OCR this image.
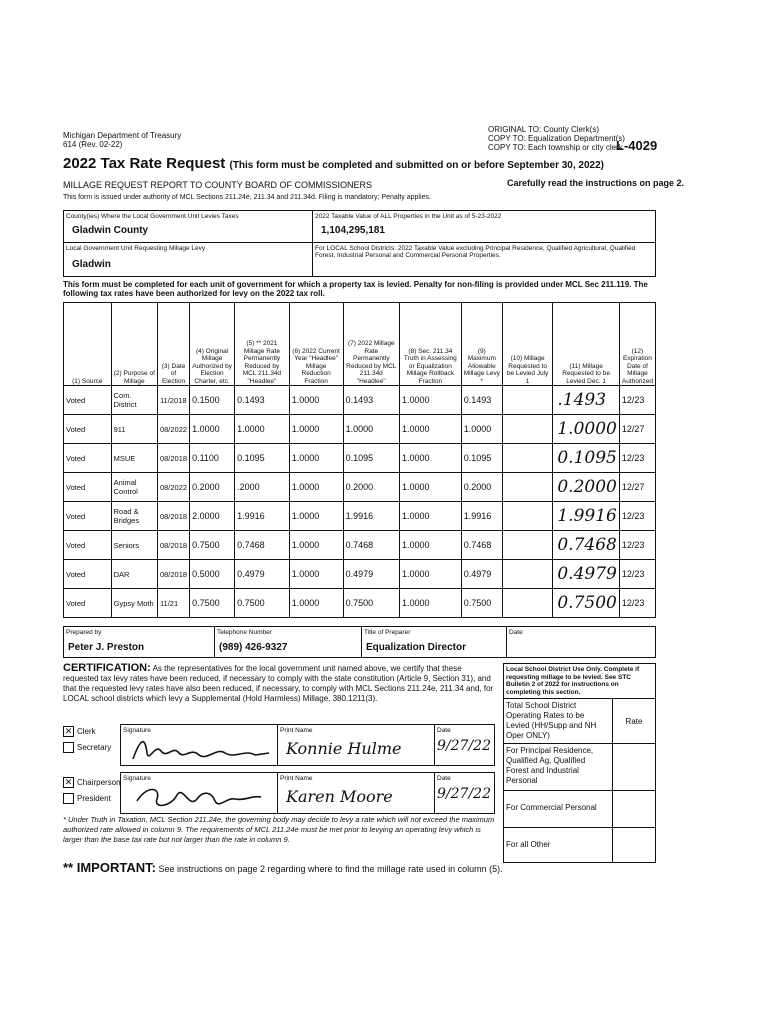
Michigan Department of Treasury
614 (Rev. 02-22)
ORIGINAL TO: County Clerk(s)
COPY TO: Equalization Department(s)
COPY TO: Each township or city clerk
L-4029
2022 Tax Rate Request (This form must be completed and submitted on or before September 30, 2022)
MILLAGE REQUEST REPORT TO COUNTY BOARD OF COMMISSIONERS	Carefully read the instructions on page 2.
This form is issued under authority of MCL Sections 211.24e, 211.34 and 211.34d. Filing is mandatory; Penalty applies.
County(ies) Where the Local Government Unit Levies Taxes
Gladwin County
2022 Taxable Value of ALL Properties in the Unit as of 5-23-2022
1,104,295,181
Local Government Unit Requesting Millage Levy
Gladwin
For LOCAL School Districts: 2022 Taxable Value excluding Principal Residence, Qualified Agricultural, Qualified Forest, Industrial Personal and Commercial Personal Properties.
This form must be completed for each unit of government for which a property tax is levied. Penalty for non-filing is provided under MCL Sec 211.119. The following tax rates have been authorized for levy on the 2022 tax roll.
(1) Source	(2) Purpose of Millage	(3) Date of Election	(4) Original Millage Authorized by Election Charter, etc.	(5) ** 2021 Millage Rate Permanently Reduced by MCL 211.34d "Headlee"	(6) 2022 Current Year "Headlee" Millage Reduction Fraction	(7) 2022 Millage Rate Permanently Reduced by MCL 211.34d "Headlee"	(8) Sec. 211.34 Truth in Assessing or Equalization Millage Rollback Fraction	(9) Maximum Allowable Millage Levy *	(10) Millage Requested to be Levied July 1	(11) Millage Requested to be Levied Dec. 1	(12) Expiration Date of Millage Authorized
Voted	Com. District	11/2018	0.1500	0.1493	1.0000	0.1493	1.0000	0.1493		.1493	12/23
Voted	911	08/2022	1.0000	1.0000	1.0000	1.0000	1.0000	1.0000		1.0000	12/27
Voted	MSUE	08/2018	0.1100	0.1095	1.0000	0.1095	1.0000	0.1095		0.1095	12/23
Voted	Animal Control	08/2022	0.2000	.2000	1.0000	0.2000	1.0000	0.2000		0.2000	12/27
Voted	Road & Bridges	08/2018	2.0000	1.9916	1.0000	1.9916	1.0000	1.9916		1.9916	12/23
Voted	Seniors	08/2018	0.7500	0.7468	1.0000	0.7468	1.0000	0.7468		0.7468	12/23
Voted	DAR	08/2018	0.5000	0.4979	1.0000	0.4979	1.0000	0.4979		0.4979	12/23
Voted	Gypsy Moth	11/21	0.7500	0.7500	1.0000	0.7500	1.0000	0.7500		0.7500	12/23
Prepared by
Peter J. Preston
Telephone Number
(989) 426-9327
Title of Preparer
Equalization Director
Date
CERTIFICATION: As the representatives for the local government unit named above, we certify that these requested tax levy rates have been reduced, if necessary to comply with the state constitution (Article 9, Section 31), and that the requested levy rates have also been reduced, if necessary, to comply with MCL Sections 211.24e, 211.34 and, for LOCAL school districts which levy a Supplemental (Hold Harmless) Millage, 380.1211(3).
✕ Clerk
Secretary
Signature	Print Name
Konnie Hulme
Date
9/27/22
✕ Chairperson
President
Signature	Print Name
Karen Moore
Date
9/27/22
Local School District Use Only. Complete if requesting millage to be levied. See STC Bulletin 2 of 2022 for instructions on completing this section.
Total School District Operating Rates to be Levied (HH/Supp and NH Oper ONLY)
Rate
For Principal Residence, Qualified Ag, Qualified Forest and Industrial Personal
For Commercial Personal
For all Other
* Under Truth in Taxation, MCL Section 211.24e, the governing body may decide to levy a rate which will not exceed the maximum authorized rate allowed in column 9. The requirements of MCL 211.24e must be met prior to levying an operating levy which is larger than the base tax rate but not larger than the rate in column 9.
** IMPORTANT: See instructions on page 2 regarding where to find the millage rate used in column (5).
